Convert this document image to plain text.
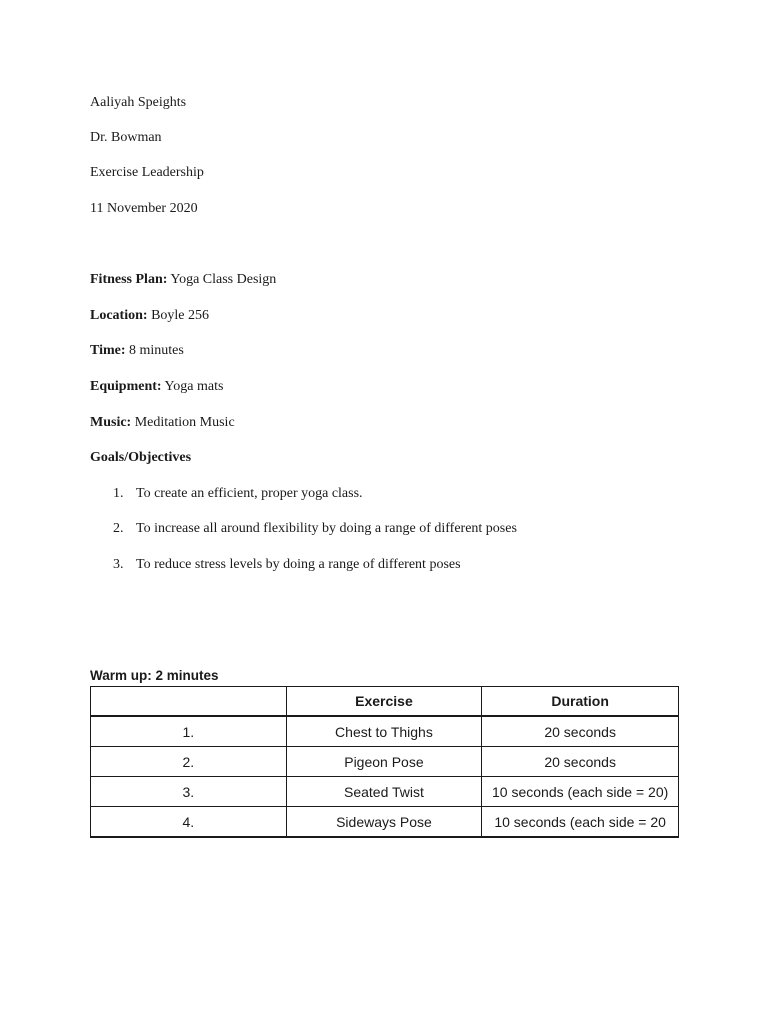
Aaliyah Speights
Dr. Bowman
Exercise Leadership
11 November 2020
Fitness Plan: Yoga Class Design
Location: Boyle 256
Time: 8 minutes
Equipment: Yoga mats
Music: Meditation Music
Goals/Objectives
1. To create an efficient, proper yoga class.
2. To increase all around flexibility by doing a range of different poses
3. To reduce stress levels by doing a range of different poses
Warm up: 2 minutes
	Exercise	Duration
1.	Chest to Thighs	20 seconds
2.	Pigeon Pose	20 seconds
3.	Seated Twist	10 seconds (each side = 20)
4.	Sideways Pose	10 seconds (each side = 20
